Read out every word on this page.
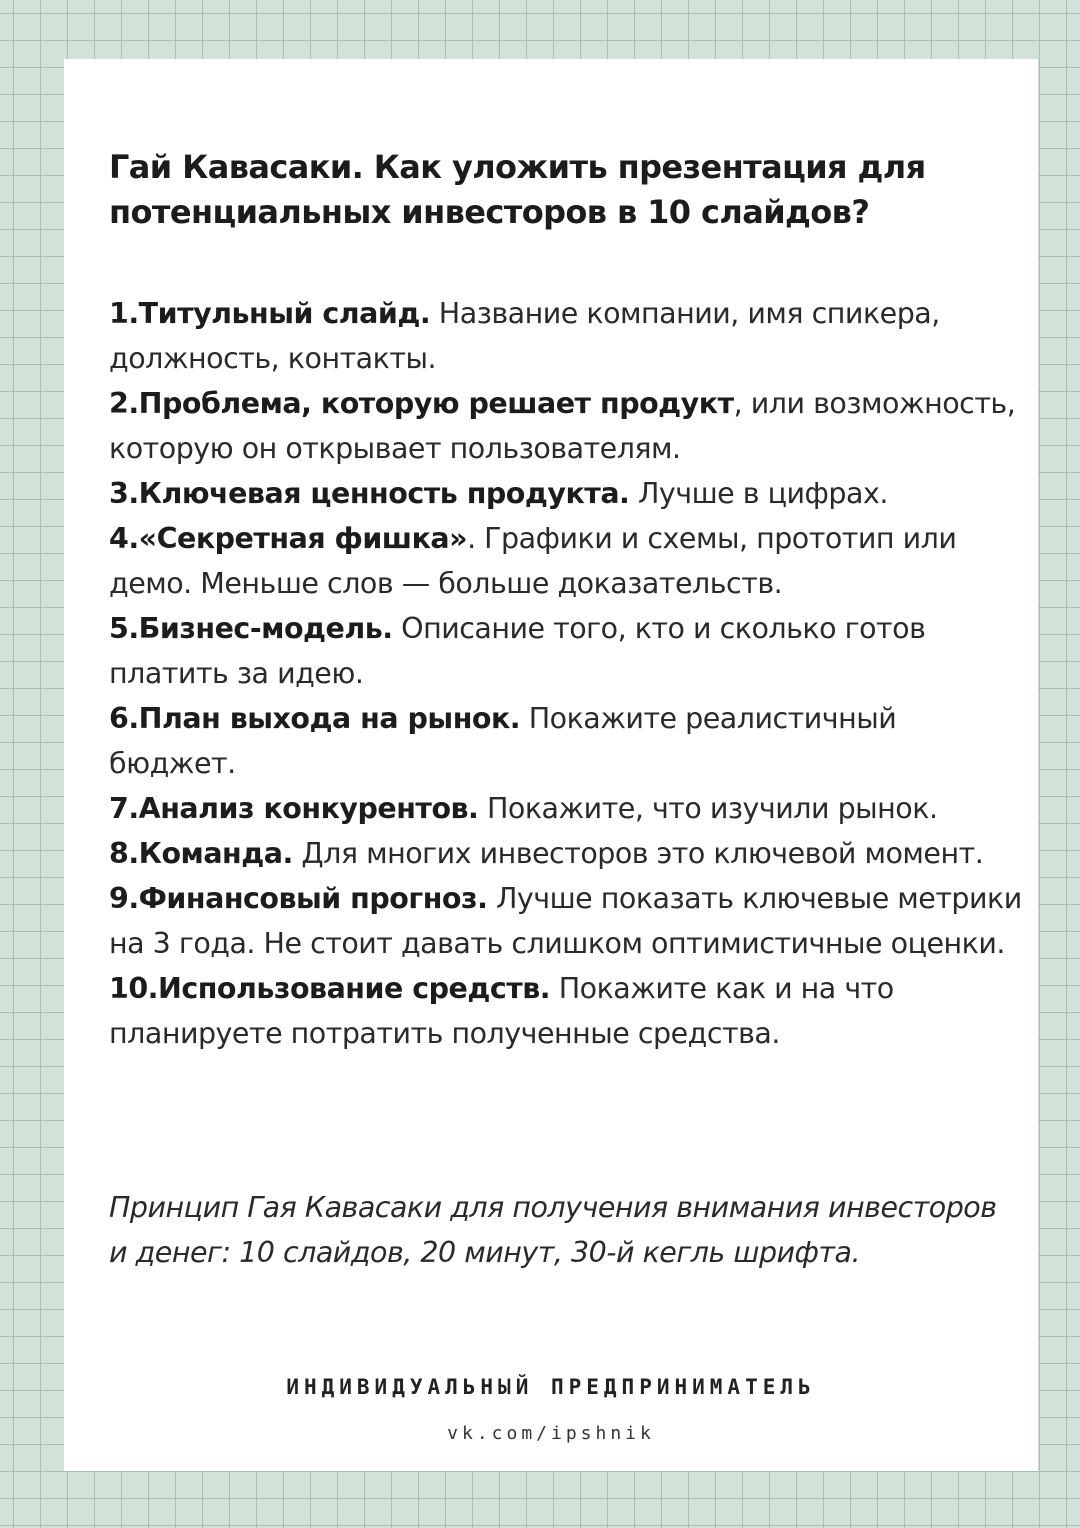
Гай Кавасаки. Как уложить презентация для потенциальных инвесторов в 10 слайдов?
1.Титульный слайд. Название компании, имя спикера, должность, контакты.
2.Проблема, которую решает продукт, или возможность, которую он открывает пользователям.
3.Ключевая ценность продукта. Лучше в цифрах.
4.«Секретная фишка». Графики и схемы, прототип или демо. Меньше слов — больше доказательств.
5.Бизнес-модель. Описание того, кто и сколько готов платить за идею.
6.План выхода на рынок. Покажите реалистичный бюджет.
7.Анализ конкурентов. Покажите, что изучили рынок.
8.Команда. Для многих инвесторов это ключевой момент.
9.Финансовый прогноз. Лучше показать ключевые метрики на 3 года. Не стоит давать слишком оптимистичные оценки.
10.Использование средств. Покажите как и на что планируете потратить полученные средства.

Принцип Гая Кавасаки для получения внимания инвесторов и денег: 10 слайдов, 20 минут, 30-й кегль шрифта.

ИНДИВИДУАЛЬНЫЙ ПРЕДПРИНИМАТЕЛЬ
vk.com/ipshnik
